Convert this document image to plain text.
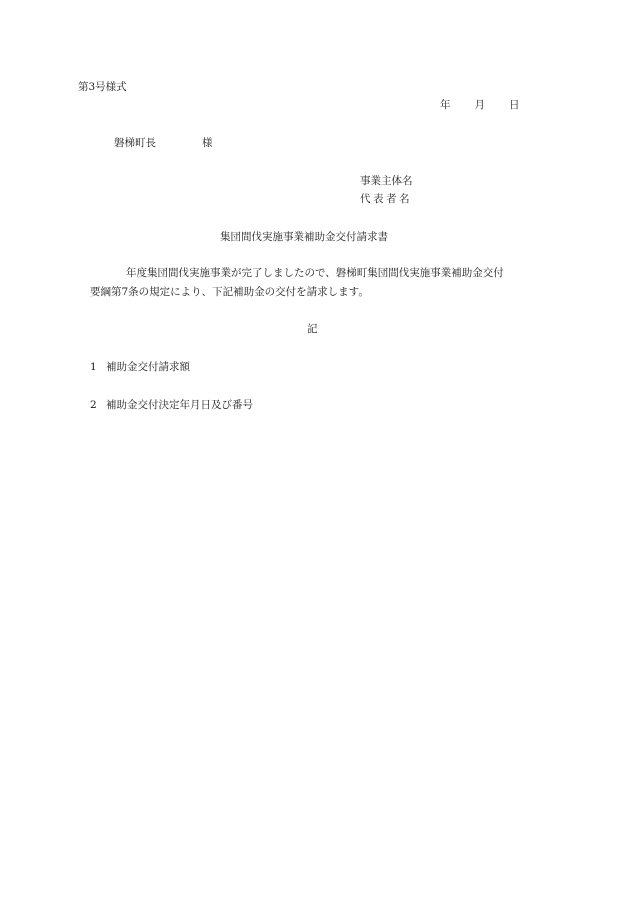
第3号様式
年 月 日
磐梯町長	様
事業主体名
代表者名
集団間伐実施事業補助金交付請求書
年度集団間伐実施事業が完了しましたので、磐梯町集団間伐実施事業補助金交付
要綱第7条の規定により、下記補助金の交付を請求します。
記
1 補助金交付請求額
2 補助金交付決定年月日及び番号
